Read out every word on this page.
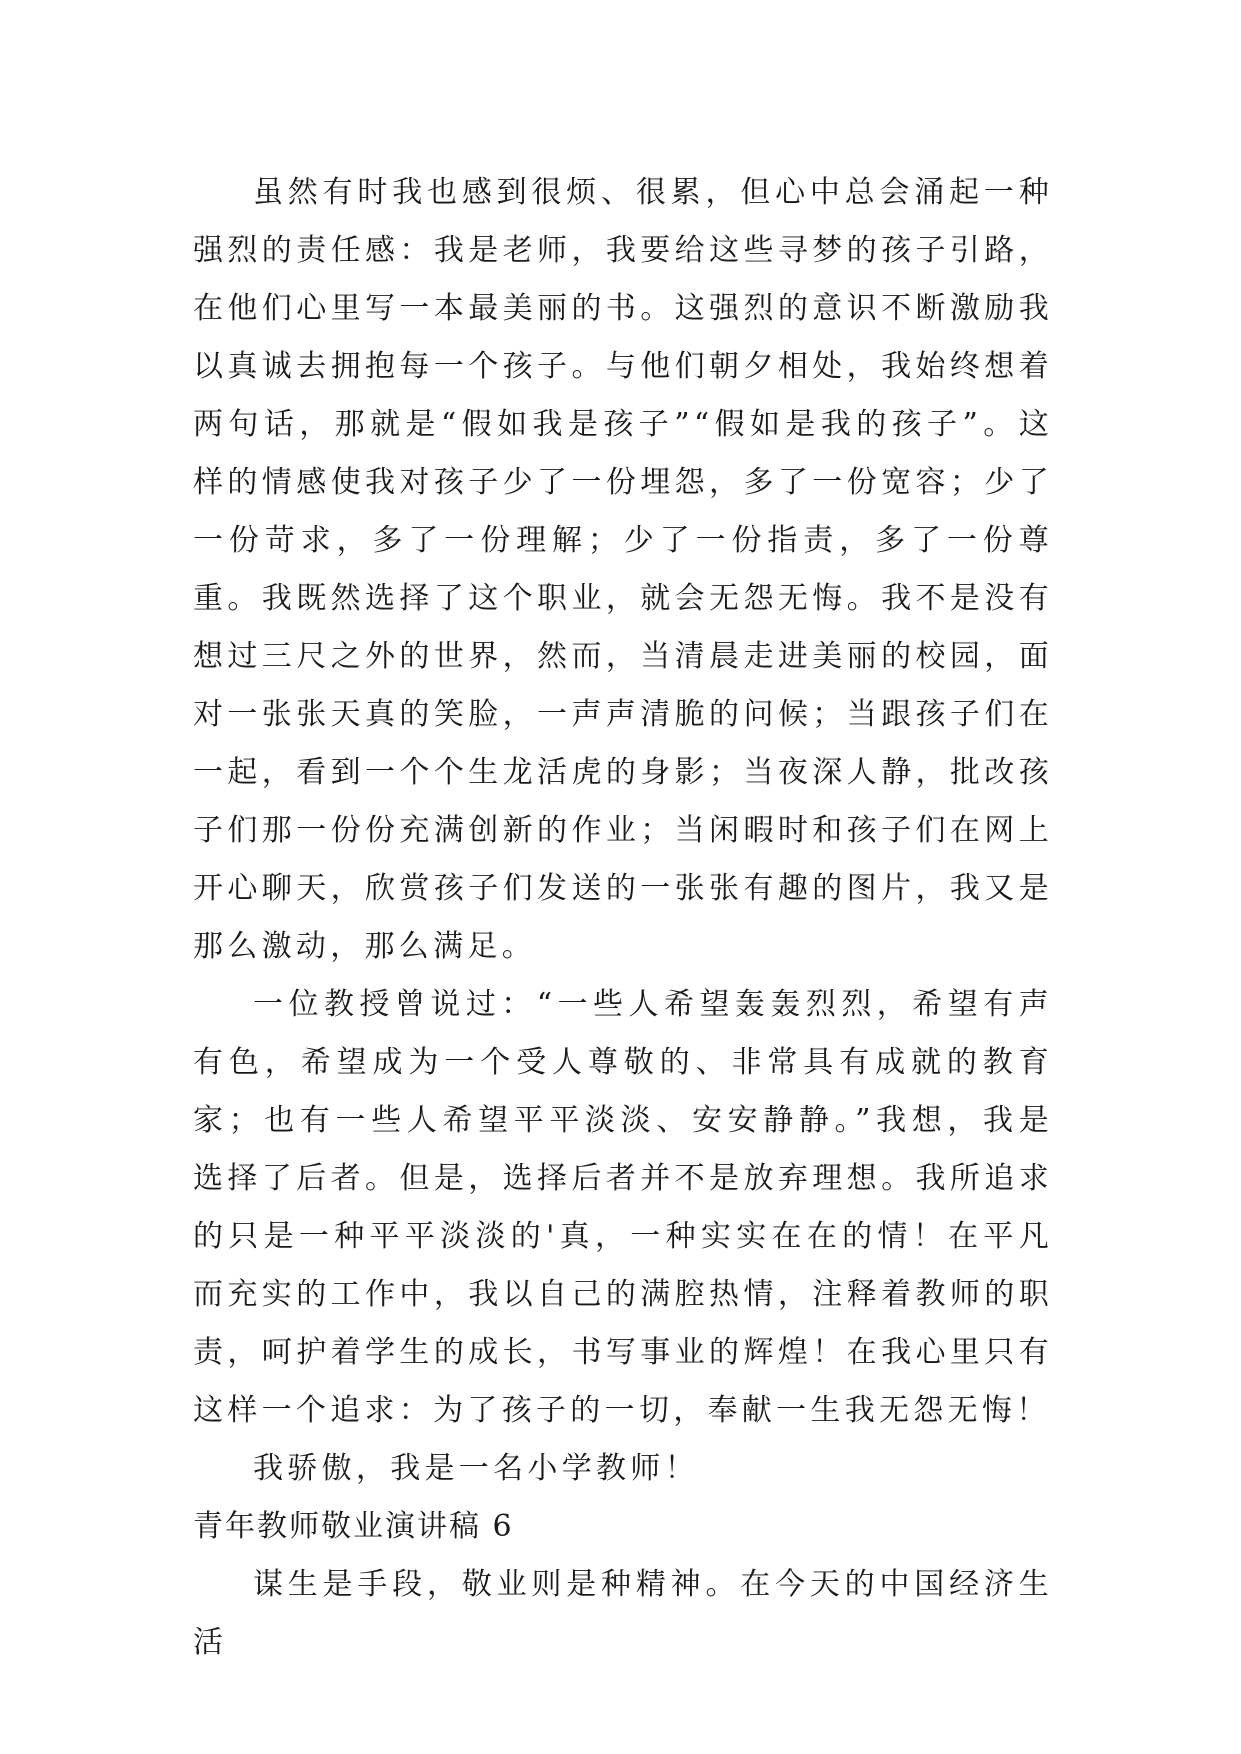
虽然有时我也感到很烦、很累，但心中总会涌起一种强烈的责任感：我是老师，我要给这些寻梦的孩子引路，在他们心里写一本最美丽的书。这强烈的意识不断激励我以真诚去拥抱每一个孩子。与他们朝夕相处，我始终想着两句话，那就是“假如我是孩子”“假如是我的孩子”。这样的情感使我对孩子少了一份埋怨，多了一份宽容；少了一份苛求，多了一份理解；少了一份指责，多了一份尊重。我既然选择了这个职业，就会无怨无悔。我不是没有想过三尺之外的世界，然而，当清晨走进美丽的校园，面对一张张天真的笑脸，一声声清脆的问候；当跟孩子们在一起，看到一个个生龙活虎的身影；当夜深人静，批改孩子们那一份份充满创新的作业；当闲暇时和孩子们在网上开心聊天，欣赏孩子们发送的一张张有趣的图片，我又是那么激动，那么满足。

一位教授曾说过：“一些人希望轰轰烈烈，希望有声有色，希望成为一个受人尊敬的、非常具有成就的教育家；也有一些人希望平平淡淡、安安静静。”我想，我是选择了后者。但是，选择后者并不是放弃理想。我所追求的只是一种平平淡淡的'真，一种实实在在的情！在平凡而充实的工作中，我以自己的满腔热情，注释着教师的职责，呵护着学生的成长，书写事业的辉煌！在我心里只有这样一个追求：为了孩子的一切，奉献一生我无怨无悔！

我骄傲，我是一名小学教师！

青年教师敬业演讲稿 6

谋生是手段，敬业则是种精神。在今天的中国经济生活
